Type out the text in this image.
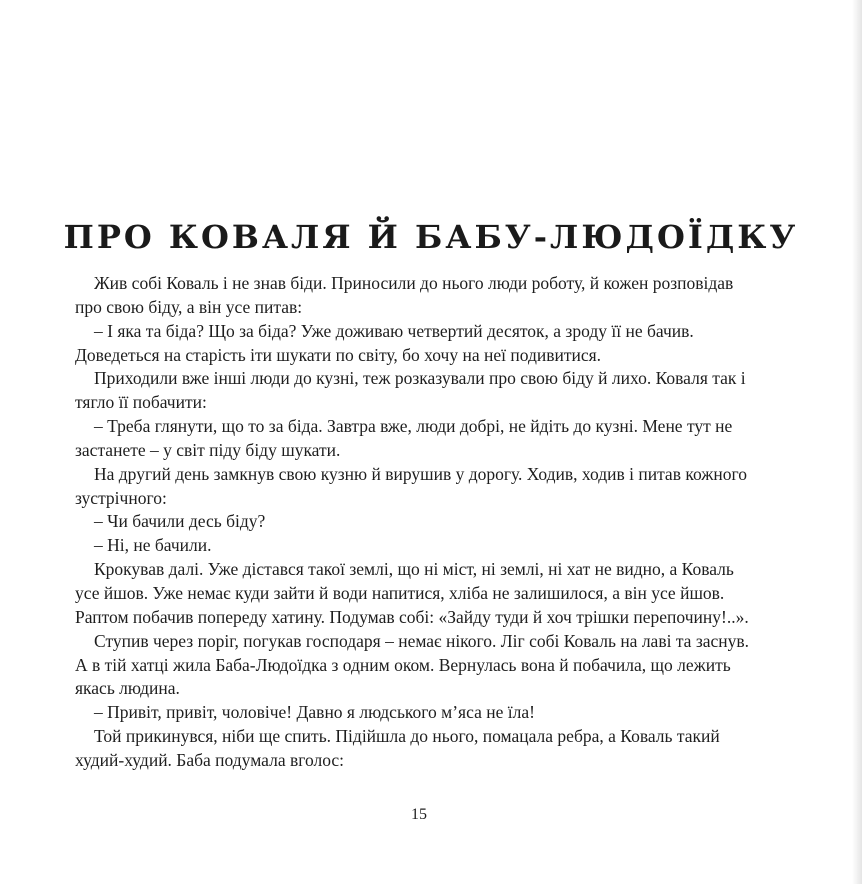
ПРО КОВАЛЯ Й БАБУ-ЛЮДОЇДКУ
Жив собі Коваль і не знав біди. Приносили до нього люди роботу, й кожен розповідав
про свою біду, а він усе питав:
– І яка та біда? Що за біда? Уже доживаю четвертий десяток, а зроду її не бачив.
Доведеться на старість іти шукати по світу, бо хочу на неї подивитися.
Приходили вже інші люди до кузні, теж розказували про свою біду й лихо. Коваля так і
тягло її побачити:
– Треба глянути, що то за біда. Завтра вже, люди добрі, не йдіть до кузні. Мене тут не
застанете – у світ піду біду шукати.
На другий день замкнув свою кузню й вирушив у дорогу. Ходив, ходив і питав кожного
зустрічного:
– Чи бачили десь біду?
– Ні, не бачили.
Крокував далі. Уже дістався такої землі, що ні міст, ні землі, ні хат не видно, а Коваль
усе йшов. Уже немає куди зайти й води напитися, хліба не залишилося, а він усе йшов.
Раптом побачив попереду хатину. Подумав собі: «Зайду туди й хоч трішки перепочину!..».
Ступив через поріг, погукав господаря – немає нікого. Ліг собі Коваль на лаві та заснув.
А в тій хатці жила Баба-Людоїдка з одним оком. Вернулась вона й побачила, що лежить
якась людина.
– Привіт, привіт, чоловіче! Давно я людського м’яса не їла!
Той прикинувся, ніби ще спить. Підійшла до нього, помацала ребра, а Коваль такий
худий-худий. Баба подумала вголос:
15
